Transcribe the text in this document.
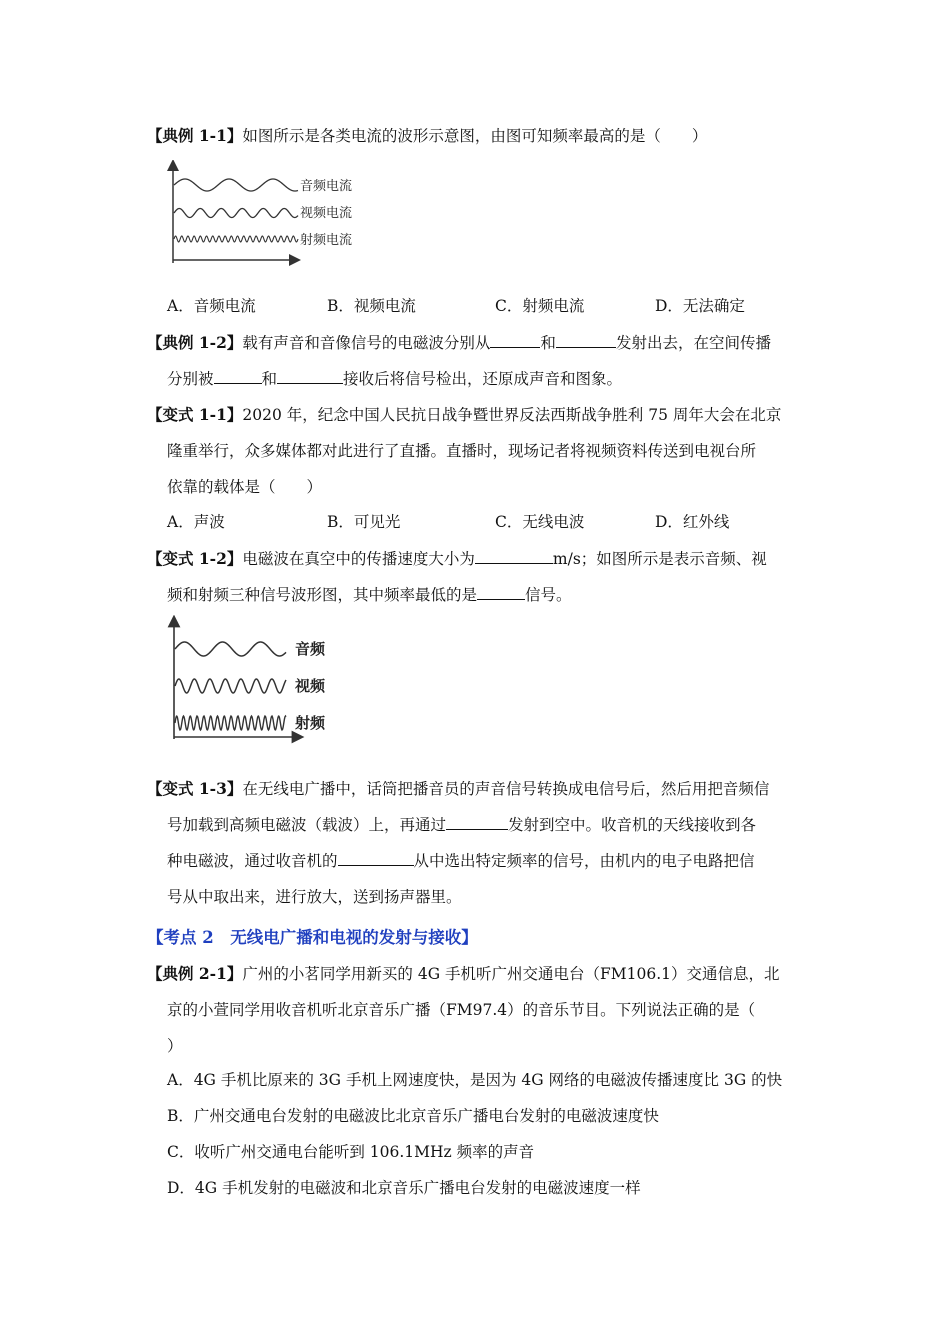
【典例 1-1】如图所示是各类电流的波形示意图，由图可知频率最高的是（　　）

音频电流
视频电流
射频电流
A．音频电流	B．视频电流	C．射频电流	D．无法确定

【典例 1-2】载有声音和音像信号的电磁波分别从	和	发射出去，在空间传播
分别被	和	接收后将信号检出，还原成声音和图象。

【变式 1-1】2020 年，纪念中国人民抗日战争暨世界反法西斯战争胜利 75 周年大会在北京
隆重举行，众多媒体都对此进行了直播。直播时，现场记者将视频资料传送到电视台所
依靠的载体是（　　）

A．声波	B．可见光	C．无线电波	D．红外线

【变式 1-2】电磁波在真空中的传播速度大小为	m/s；如图所示是表示音频、视
频和射频三种信号波形图，其中频率最低的是	信号。

音频
视频
射频

【变式 1-3】在无线电广播中，话筒把播音员的声音信号转换成电信号后，然后用把音频信
号加载到高频电磁波（载波）上，再通过	发射到空中。收音机的天线接收到各
种电磁波，通过收音机的	从中选出特定频率的信号，由机内的电子电路把信
号从中取出来，进行放大，送到扬声器里。

【考点 2　无线电广播和电视的发射与接收】

【典例 2-1】广州的小茗同学用新买的 4G 手机听广州交通电台（FM106.1）交通信息，北
京的小萱同学用收音机听北京音乐广播（FM97.4）的音乐节目。下列说法正确的是（
）

A．4G 手机比原来的 3G 手机上网速度快，是因为 4G 网络的电磁波传播速度比 3G 的快
B．广州交通电台发射的电磁波比北京音乐广播电台发射的电磁波速度快
C．收听广州交通电台能听到 106.1MHz 频率的声音
D．4G 手机发射的电磁波和北京音乐广播电台发射的电磁波速度一样
